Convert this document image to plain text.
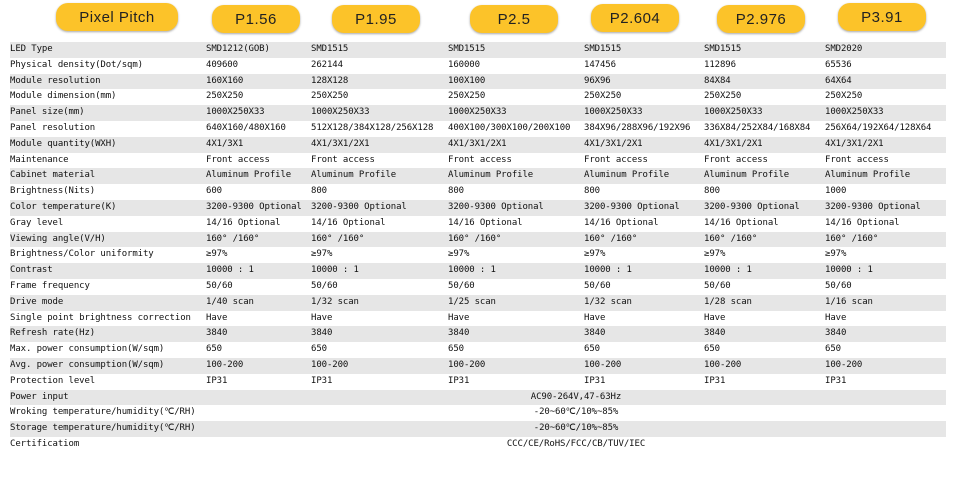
Pixel Pitch	P1.56	P1.95	P2.5	P2.604	P2.976	P3.91
LED Type	SMD1212(GOB)	SMD1515	SMD1515	SMD1515	SMD1515	SMD2020
Physical density(Dot/sqm)	409600	262144	160000	147456	112896	65536
Module resolution	160X160	128X128	100X100	96X96	84X84	64X64
Module dimension(mm)	250X250	250X250	250X250	250X250	250X250	250X250
Panel size(mm)	1000X250X33	1000X250X33	1000X250X33	1000X250X33	1000X250X33	1000X250X33
Panel resolution	640X160/480X160	512X128/384X128/256X128	400X100/300X100/200X100	384X96/288X96/192X96	336X84/252X84/168X84	256X64/192X64/128X64
Module quantity(WXH)	4X1/3X1	4X1/3X1/2X1	4X1/3X1/2X1	4X1/3X1/2X1	4X1/3X1/2X1	4X1/3X1/2X1
Maintenance	Front access	Front access	Front access	Front access	Front access	Front access
Cabinet material	Aluminum Profile	Aluminum Profile	Aluminum Profile	Aluminum Profile	Aluminum Profile	Aluminum Profile
Brightness(Nits)	600	800	800	800	800	1000
Color temperature(K)	3200-9300 Optional	3200-9300 Optional	3200-9300 Optional	3200-9300 Optional	3200-9300 Optional	3200-9300 Optional
Gray level	14/16 Optional	14/16 Optional	14/16 Optional	14/16 Optional	14/16 Optional	14/16 Optional
Viewing angle(V/H)	160° /160°	160° /160°	160° /160°	160° /160°	160° /160°	160° /160°
Brightness/Color uniformity	≥97%	≥97%	≥97%	≥97%	≥97%	≥97%
Contrast	10000 : 1	10000 : 1	10000 : 1	10000 : 1	10000 : 1	10000 : 1
Frame frequency	50/60	50/60	50/60	50/60	50/60	50/60
Drive mode	1/40 scan	1/32 scan	1/25 scan	1/32 scan	1/28 scan	1/16 scan
Single point brightness correction	Have	Have	Have	Have	Have	Have
Refresh rate(Hz)	3840	3840	3840	3840	3840	3840
Max. power consumption(W/sqm)	650	650	650	650	650	650
Avg. power consumption(W/sqm)	100-200	100-200	100-200	100-200	100-200	100-200
Protection level	IP31	IP31	IP31	IP31	IP31	IP31
Power input	AC90-264V,47-63Hz					
Wroking temperature/humidity(℃/RH)	-20~60℃/10%~85%					
Storage temperature/humidity(℃/RH)	-20~60℃/10%~85%					
Certificatiom	CCC/CE/RoHS/FCC/CB/TUV/IEC					
